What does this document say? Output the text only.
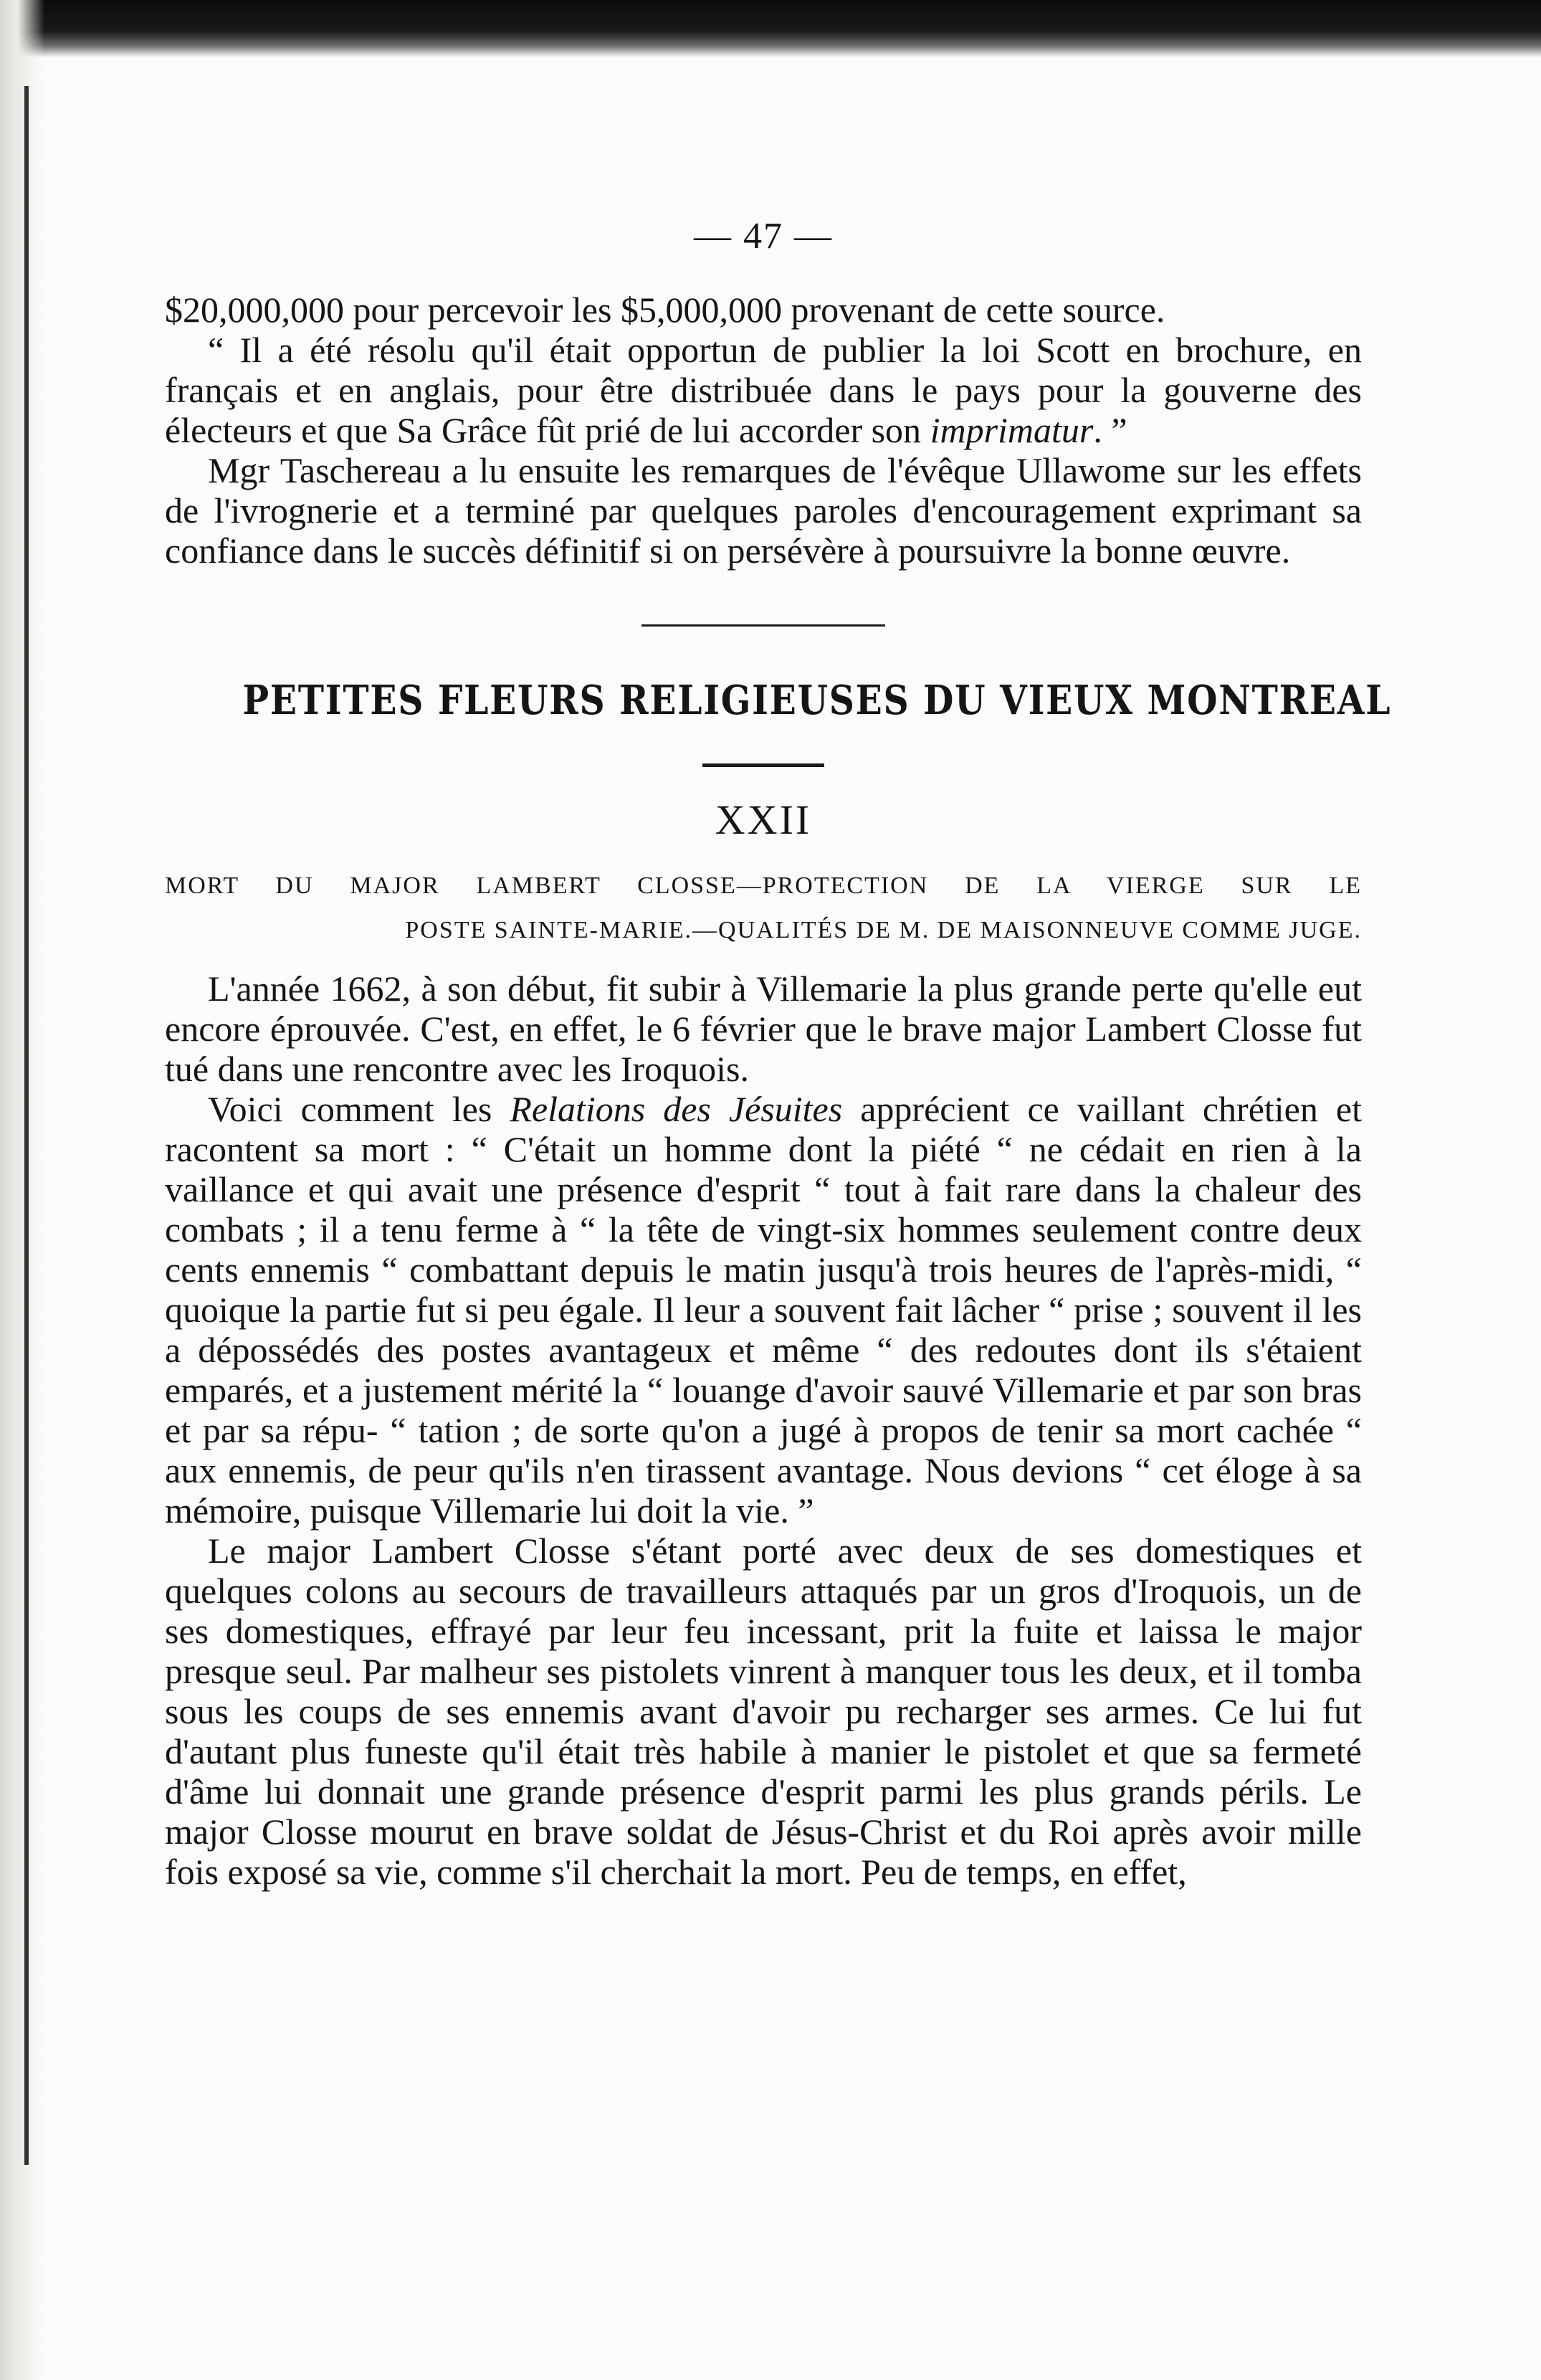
— 47 —

$20,000,000 pour percevoir les $5,000,000 provenant de cette source.

“ Il a été résolu qu'il était opportun de publier la loi Scott en brochure, en français et en anglais, pour être distribuée dans le pays pour la gouverne des électeurs et que Sa Grâce fût prié de lui accorder son imprimatur. ”

Mgr Taschereau a lu ensuite les remarques de l'évêque Ullawome sur les effets de l'ivrognerie et a terminé par quelques paroles d'encouragement exprimant sa confiance dans le succès définitif si on persévère à poursuivre la bonne œuvre.

PETITES FLEURS RELIGIEUSES DU VIEUX MONTREAL
XXII
MORT DU MAJOR LAMBERT CLOSSE—PROTECTION DE LA VIERGE SUR LE
POSTE SAINTE-MARIE.—QUALITÉS DE M. DE MAISONNEUVE COMME JUGE.

L'année 1662, à son début, fit subir à Villemarie la plus grande perte qu'elle eut encore éprouvée. C'est, en effet, le 6 février que le brave major Lambert Closse fut tué dans une rencontre avec les Iroquois.

Voici comment les Relations des Jésuites apprécient ce vaillant chrétien et racontent sa mort : “ C'était un homme dont la piété “ ne cédait en rien à la vaillance et qui avait une présence d'esprit “ tout à fait rare dans la chaleur des combats ; il a tenu ferme à “ la tête de vingt-six hommes seulement contre deux cents ennemis “ combattant depuis le matin jusqu'à trois heures de l'après-midi, “ quoique la partie fut si peu égale. Il leur a souvent fait lâcher “ prise ; souvent il les a dépossédés des postes avantageux et même “ des redoutes dont ils s'étaient emparés, et a justement mérité la “ louange d'avoir sauvé Villemarie et par son bras et par sa répu- “ tation ; de sorte qu'on a jugé à propos de tenir sa mort cachée “ aux ennemis, de peur qu'ils n'en tirassent avantage. Nous devions “ cet éloge à sa mémoire, puisque Villemarie lui doit la vie. ”

Le major Lambert Closse s'étant porté avec deux de ses domestiques et quelques colons au secours de travailleurs attaqués par un gros d'Iroquois, un de ses domestiques, effrayé par leur feu incessant, prit la fuite et laissa le major presque seul. Par malheur ses pistolets vinrent à manquer tous les deux, et il tomba sous les coups de ses ennemis avant d'avoir pu recharger ses armes. Ce lui fut d'autant plus funeste qu'il était très habile à manier le pistolet et que sa fermeté d'âme lui donnait une grande présence d'esprit parmi les plus grands périls. Le major Closse mourut en brave soldat de Jésus-Christ et du Roi après avoir mille fois exposé sa vie, comme s'il cherchait la mort. Peu de temps, en effet,
